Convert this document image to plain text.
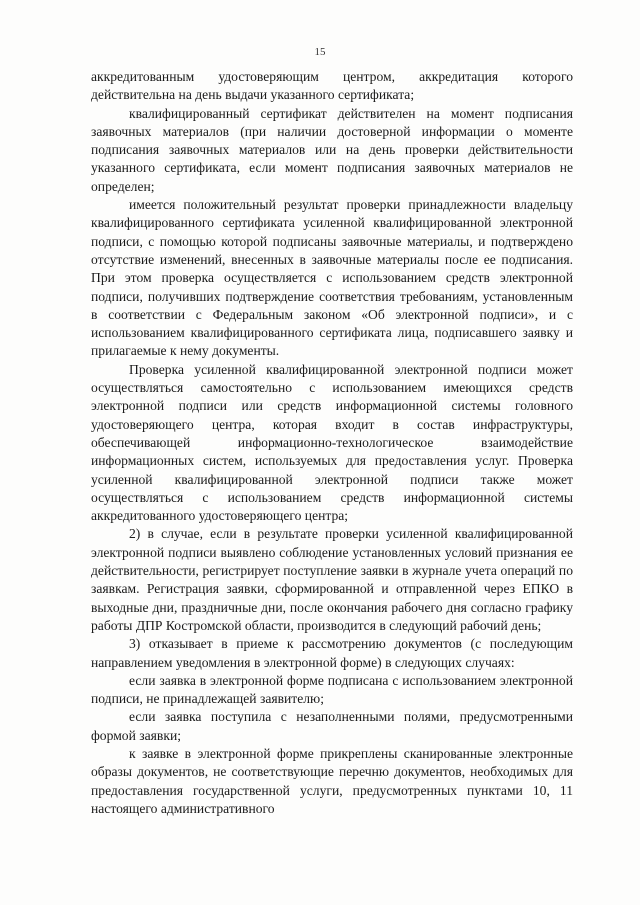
15

аккредитованным удостоверяющим центром, аккредитация которого действительна на день выдачи указанного сертификата;

квалифицированный сертификат действителен на момент подписания заявочных материалов (при наличии достоверной информации о моменте подписания заявочных материалов или на день проверки действительности указанного сертификата, если момент подписания заявочных материалов не определен;

имеется положительный результат проверки принадлежности владельцу квалифицированного сертификата усиленной квалифицированной электронной подписи, с помощью которой подписаны заявочные материалы, и подтверждено отсутствие изменений, внесенных в заявочные материалы после ее подписания. При этом проверка осуществляется с использованием средств электронной подписи, получивших подтверждение соответствия требованиям, установленным в соответствии с Федеральным законом «Об электронной подписи», и с использованием квалифицированного сертификата лица, подписавшего заявку и прилагаемые к нему документы.

Проверка усиленной квалифицированной электронной подписи может осуществляться самостоятельно с использованием имеющихся средств электронной подписи или средств информационной системы головного удостоверяющего центра, которая входит в состав инфраструктуры, обеспечивающей информационно-технологическое взаимодействие информационных систем, используемых для предоставления услуг. Проверка усиленной квалифицированной электронной подписи также может осуществляться с использованием средств информационной системы аккредитованного удостоверяющего центра;

2) в случае, если в результате проверки усиленной квалифицированной электронной подписи выявлено соблюдение установленных условий признания ее действительности, регистрирует поступление заявки в журнале учета операций по заявкам. Регистрация заявки, сформированной и отправленной через ЕПКО в выходные дни, праздничные дни, после окончания рабочего дня согласно графику работы ДПР Костромской области, производится в следующий рабочий день;

3) отказывает в приеме к рассмотрению документов (с последующим направлением уведомления в электронной форме) в следующих случаях:

если заявка в электронной форме подписана с использованием электронной подписи, не принадлежащей заявителю;

если заявка поступила с незаполненными полями, предусмотренными формой заявки;

к заявке в электронной форме прикреплены сканированные электронные образы документов, не соответствующие перечню документов, необходимых для предоставления государственной услуги, предусмотренных пунктами 10, 11 настоящего административного
